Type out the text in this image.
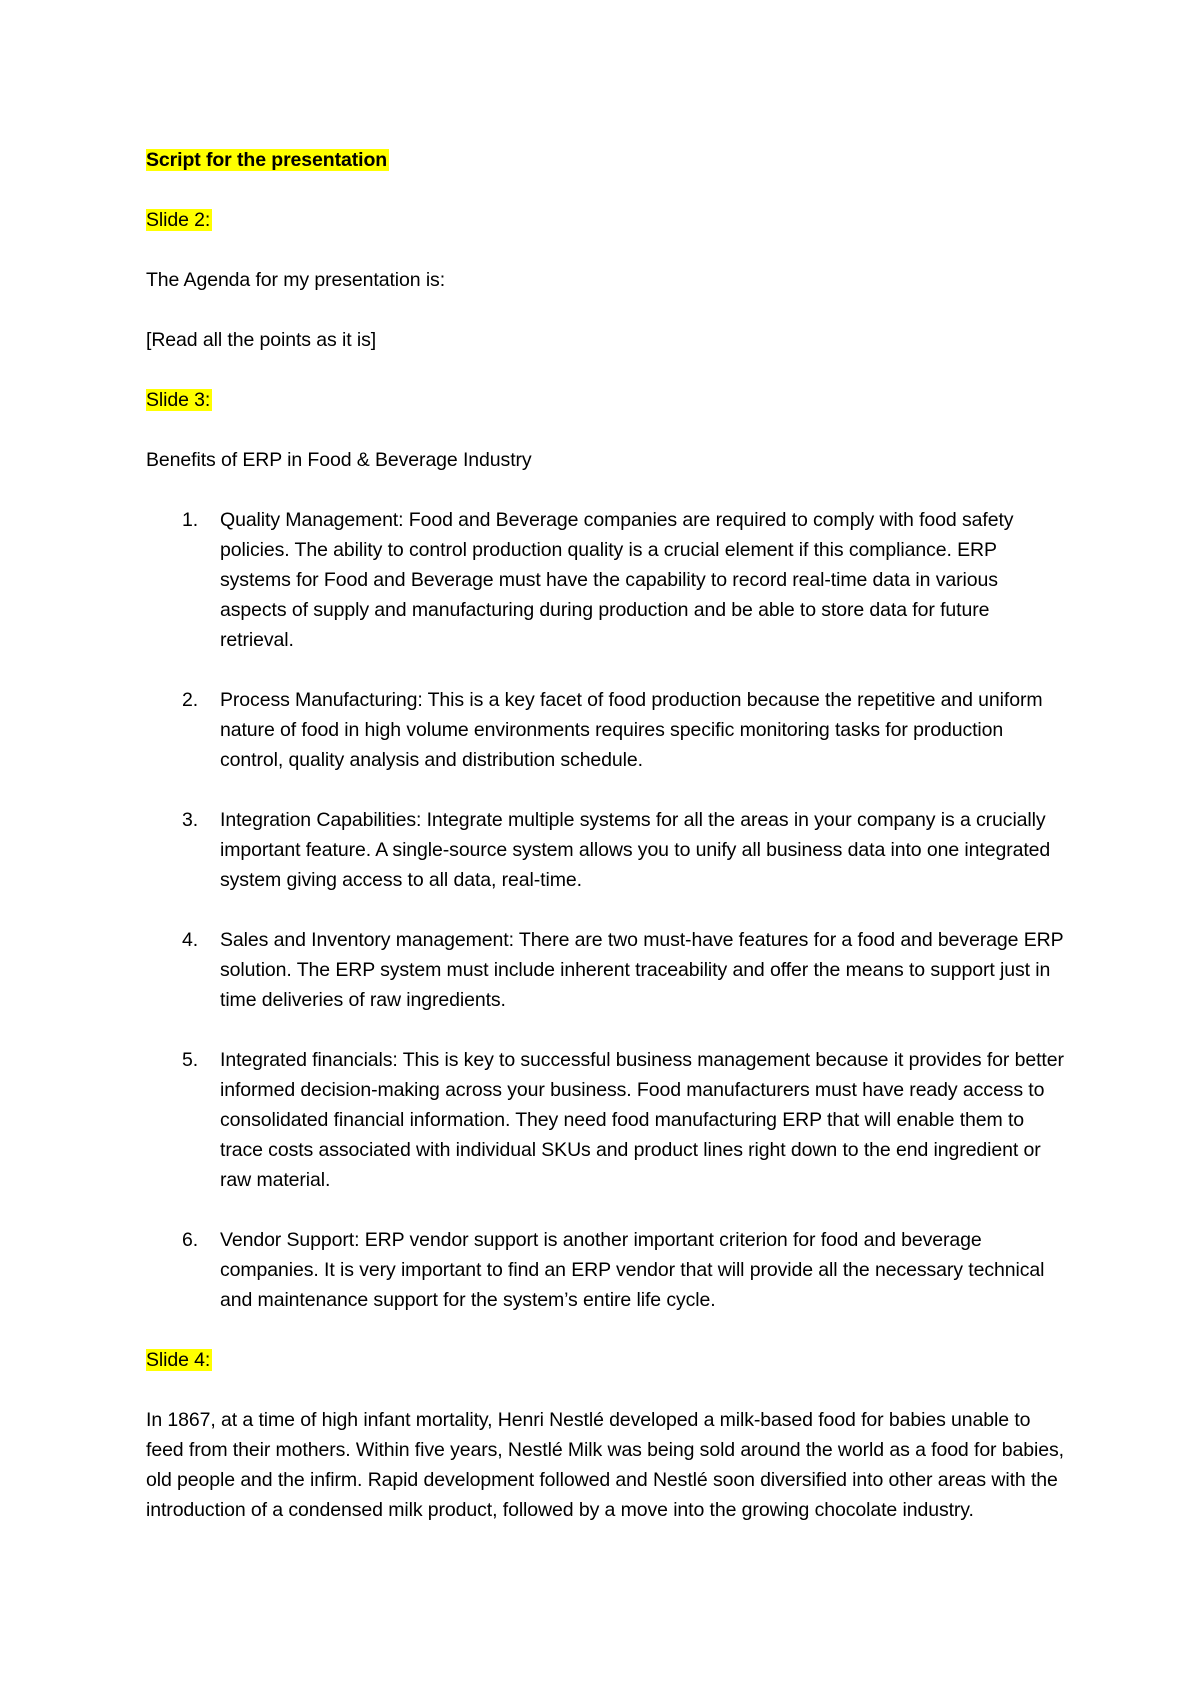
Script for the presentation

Slide 2:

The Agenda for my presentation is:

[Read all the points as it is]

Slide 3:

Benefits of ERP in Food & Beverage Industry

1. Quality Management: Food and Beverage companies are required to comply with food safety policies. The ability to control production quality is a crucial element if this compliance. ERP systems for Food and Beverage must have the capability to record real-time data in various aspects of supply and manufacturing during production and be able to store data for future retrieval.
2. Process Manufacturing: This is a key facet of food production because the repetitive and uniform nature of food in high volume environments requires specific monitoring tasks for production control, quality analysis and distribution schedule.
3. Integration Capabilities: Integrate multiple systems for all the areas in your company is a crucially important feature. A single-source system allows you to unify all business data into one integrated system giving access to all data, real-time.
4. Sales and Inventory management: There are two must-have features for a food and beverage ERP solution. The ERP system must include inherent traceability and offer the means to support just in time deliveries of raw ingredients.
5. Integrated financials: This is key to successful business management because it provides for better informed decision-making across your business. Food manufacturers must have ready access to consolidated financial information. They need food manufacturing ERP that will enable them to trace costs associated with individual SKUs and product lines right down to the end ingredient or raw material.
6. Vendor Support: ERP vendor support is another important criterion for food and beverage companies. It is very important to find an ERP vendor that will provide all the necessary technical and maintenance support for the system’s entire life cycle.

Slide 4:

In 1867, at a time of high infant mortality, Henri Nestlé developed a milk-based food for babies unable to feed from their mothers. Within five years, Nestlé Milk was being sold around the world as a food for babies, old people and the infirm. Rapid development followed and Nestlé soon diversified into other areas with the introduction of a condensed milk product, followed by a move into the growing chocolate industry.
